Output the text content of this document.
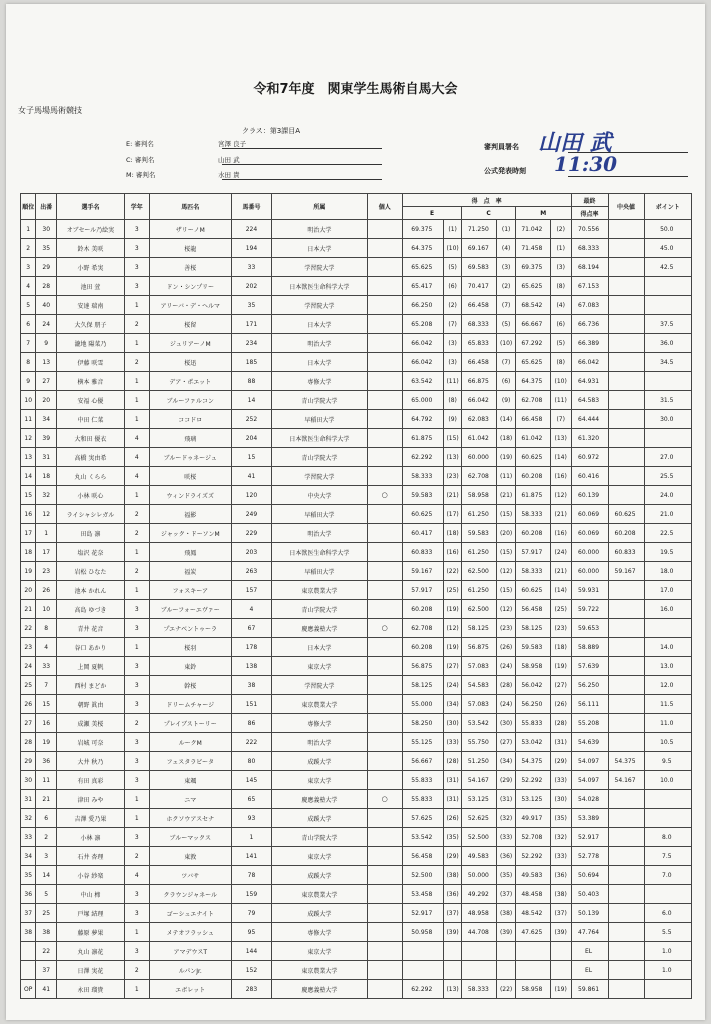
令和7年度　関東学生馬術自馬大会
女子馬場馬術競技
クラス：第3課目A
E: 審判名	宮澤 良子
C: 審判名	山田 武
M: 審判名	水田 貴
審判員署名 山田 武
公式発表時刻 11:30
順位	出番	選手名	学年	馬匹名	馬番号	所属	個人	得　点　率						最終	中央値	ポイント
								E		C		M		得点率		
1	30	オブセール乃絵実	3	ザリーノM	224	明治大学		69.375	(1)	71.250	(1)	71.042	(2)	70.556		50.0
2	35	鈴木 美咲	3	桜龍	194	日本大学		64.375	(10)	69.167	(4)	71.458	(1)	68.333		45.0
3	29	小野 希実	3	善桜	33	学習院大学		65.625	(5)	69.583	(3)	69.375	(3)	68.194		42.5
4	28	池田 萱	3	ドン・シンプリー	202	日本獣医生命科学大学		65.417	(6)	70.417	(2)	65.625	(8)	67.153		
5	40	安達 瑞南	1	アリーバ・デ・ヘルマ	35	学習院大学		66.250	(2)	66.458	(7)	68.542	(4)	67.083		
6	24	大久保 朋子	2	桜留	171	日本大学		65.208	(7)	68.333	(5)	66.667	(6)	66.736		37.5
7	9	瀧地 陽菜乃	1	ジュリアーノM	234	明治大学		66.042	(3)	65.833	(10)	67.292	(5)	66.389		36.0
8	13	伊藤 咲雪	2	桜迅	185	日本大学		66.042	(3)	66.458	(7)	65.625	(8)	66.042		34.5
9	27	横本 雅音	1	デア・ポエット	88	専修大学		63.542	(11)	66.875	(6)	64.375	(10)	64.931		
10	20	安福 心優	1	ブルーファルコン	14	青山学院大学		65.000	(8)	66.042	(9)	62.708	(11)	64.583		31.5
11	34	中田 仁菜	1	ココドロ	252	早稲田大学		64.792	(9)	62.083	(14)	66.458	(7)	64.444		30.0
12	39	大和田 優衣	4	飛璃	204	日本獣医生命科学大学		61.875	(15)	61.042	(18)	61.042	(13)	61.320		
13	31	高橋 実由希	4	ブルードゥネージュ	15	青山学院大学		62.292	(13)	60.000	(19)	60.625	(14)	60.972		27.0
14	18	丸山 くらら	4	咲桜	41	学習院大学		58.333	(23)	62.708	(11)	60.208	(16)	60.416		25.5
15	32	小林 咲心	1	ウィンドライズズ	120	中央大学	○	59.583	(21)	58.958	(21)	61.875	(12)	60.139		24.0
16	12	ライシャシレガル	2	福影	249	早稲田大学		60.625	(17)	61.250	(15)	58.333	(21)	60.069	60.625	21.0
17	1	田島 凛	2	ジャック・ドーソンM	229	明治大学		60.417	(18)	59.583	(20)	60.208	(16)	60.069	60.208	22.5
18	17	塩沢 花奈	1	飛鳳	203	日本獣医生命科学大学		60.833	(16)	61.250	(15)	57.917	(24)	60.000	60.833	19.5
19	23	岩松 ひなた	2	福炭	263	早稲田大学		59.167	(22)	62.500	(12)	58.333	(21)	60.000	59.167	18.0
20	26	池本 かれん	1	フォスキーア	157	東京農業大学		57.917	(25)	61.250	(15)	60.625	(14)	59.931		17.0
21	10	高島 ゆづき	3	ブルーフォーエヴァー	4	青山学院大学		60.208	(19)	62.500	(12)	56.458	(25)	59.722		16.0
22	8	青井 花音	3	プエナベントゥーラ	67	慶應義塾大学	○	62.708	(12)	58.125	(23)	58.125	(23)	59.653		
23	4	谷口 あかり	1	桜羽	178	日本大学		60.208	(19)	56.875	(26)	59.583	(18)	58.889		14.0
24	33	上岡 夏帆	3	東鈴	138	東京大学		56.875	(27)	57.083	(24)	58.958	(19)	57.639		13.0
25	7	西村 まどか	3	幹桜	38	学習院大学		58.125	(24)	54.583	(28)	56.042	(27)	56.250		12.0
26	15	朝野 眞由	3	ドリームチャージ	151	東京農業大学		55.000	(34)	57.083	(24)	56.250	(26)	56.111		11.5
27	16	成瀬 美桜	2	プレイブストーリー	86	専修大学		58.250	(30)	53.542	(30)	55.833	(28)	55.208		11.0
28	19	岩城 可奈	3	ルークM	222	明治大学		55.125	(33)	55.750	(27)	53.042	(31)	54.639		10.5
29	36	大井 秋乃	3	フェスタラビータ	80	成蹊大学		56.667	(28)	51.250	(34)	54.375	(29)	54.097	54.375	9.5
30	11	有田 真彩	3	東颯	145	東京大学		55.833	(31)	54.167	(29)	52.292	(33)	54.097	54.167	10.0
31	21	津田 みや	1	ニマ	65	慶應義塾大学	○	55.833	(31)	53.125	(31)	53.125	(30)	54.028		
32	6	吉澤 愛乃果	1	ホクソウアスセナ	93	成蹊大学		57.625	(26)	52.625	(32)	49.917	(35)	53.389		
33	2	小林 凛	3	ブルーマックス	1	青山学院大学		53.542	(35)	52.500	(33)	52.708	(32)	52.917		8.0
34	3	石井 杏理	2	東敦	141	東京大学		56.458	(29)	49.583	(36)	52.292	(33)	52.778		7.5
35	14	小谷 紗楽	4	ツバサ	78	成蹊大学		52.500	(38)	50.000	(35)	49.583	(36)	50.694		7.0
36	5	中山 楴	3	クラウンジャネール	159	東京農業大学		53.458	(36)	49.292	(37)	48.458	(38)	50.403		
37	25	戸塚 結理	3	ゴーシュエナイト	79	成蹊大学		52.917	(37)	48.958	(38)	48.542	(37)	50.139		6.0
38	38	藤原 夢果	1	メテオフラッシュ	95	専修大学		50.958	(39)	44.708	(39)	47.625	(39)	47.764		5.5
	22	丸山 凛花	3	アマデウスT	144	東京大学								EL		1.0
	37	日澤 実花	2	ルパンJr.	152	東京農業大学								EL		1.0
OP	41	永田 瑠貴	1	エボレット	283	慶應義塾大学		62.292	(13)	58.333	(22)	58.958	(19)	59.861		
